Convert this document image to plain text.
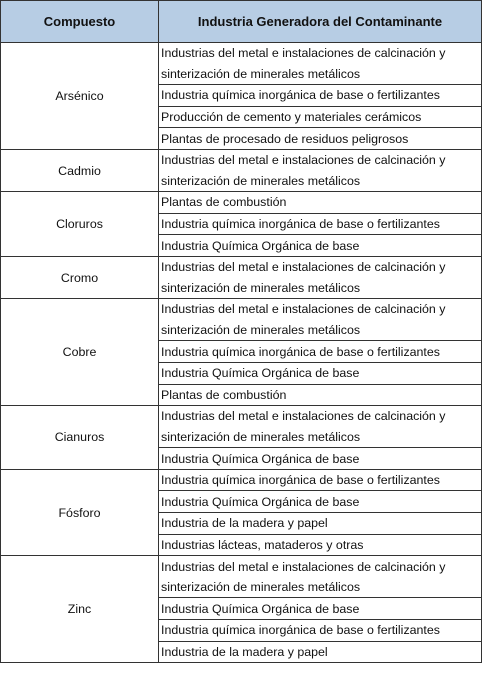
Compuesto	Industria Generadora del Contaminante
Arsénico	Industrias del metal e instalaciones de calcinación y
	sinterización de minerales metálicos
	Industria química inorgánica de base o fertilizantes
	Producción de cemento y materiales cerámicos
	Plantas de procesado de residuos peligrosos
Cadmio	Industrias del metal e instalaciones de calcinación y
	sinterización de minerales metálicos
Cloruros	Plantas de combustión
	Industria química inorgánica de base o fertilizantes
	Industria Química Orgánica de base
Cromo	Industrias del metal e instalaciones de calcinación y
	sinterización de minerales metálicos
Cobre	Industrias del metal e instalaciones de calcinación y
	sinterización de minerales metálicos
	Industria química inorgánica de base o fertilizantes
	Industria Química Orgánica de base
	Plantas de combustión
Cianuros	Industrias del metal e instalaciones de calcinación y
	sinterización de minerales metálicos
	Industria Química Orgánica de base
Fósforo	Industria química inorgánica de base o fertilizantes
	Industria Química Orgánica de base
	Industria de la madera y papel
	Industrias lácteas, mataderos y otras
Zinc	Industrias del metal e instalaciones de calcinación y
	sinterización de minerales metálicos
	Industria Química Orgánica de base
	Industria química inorgánica de base o fertilizantes
	Industria de la madera y papel
